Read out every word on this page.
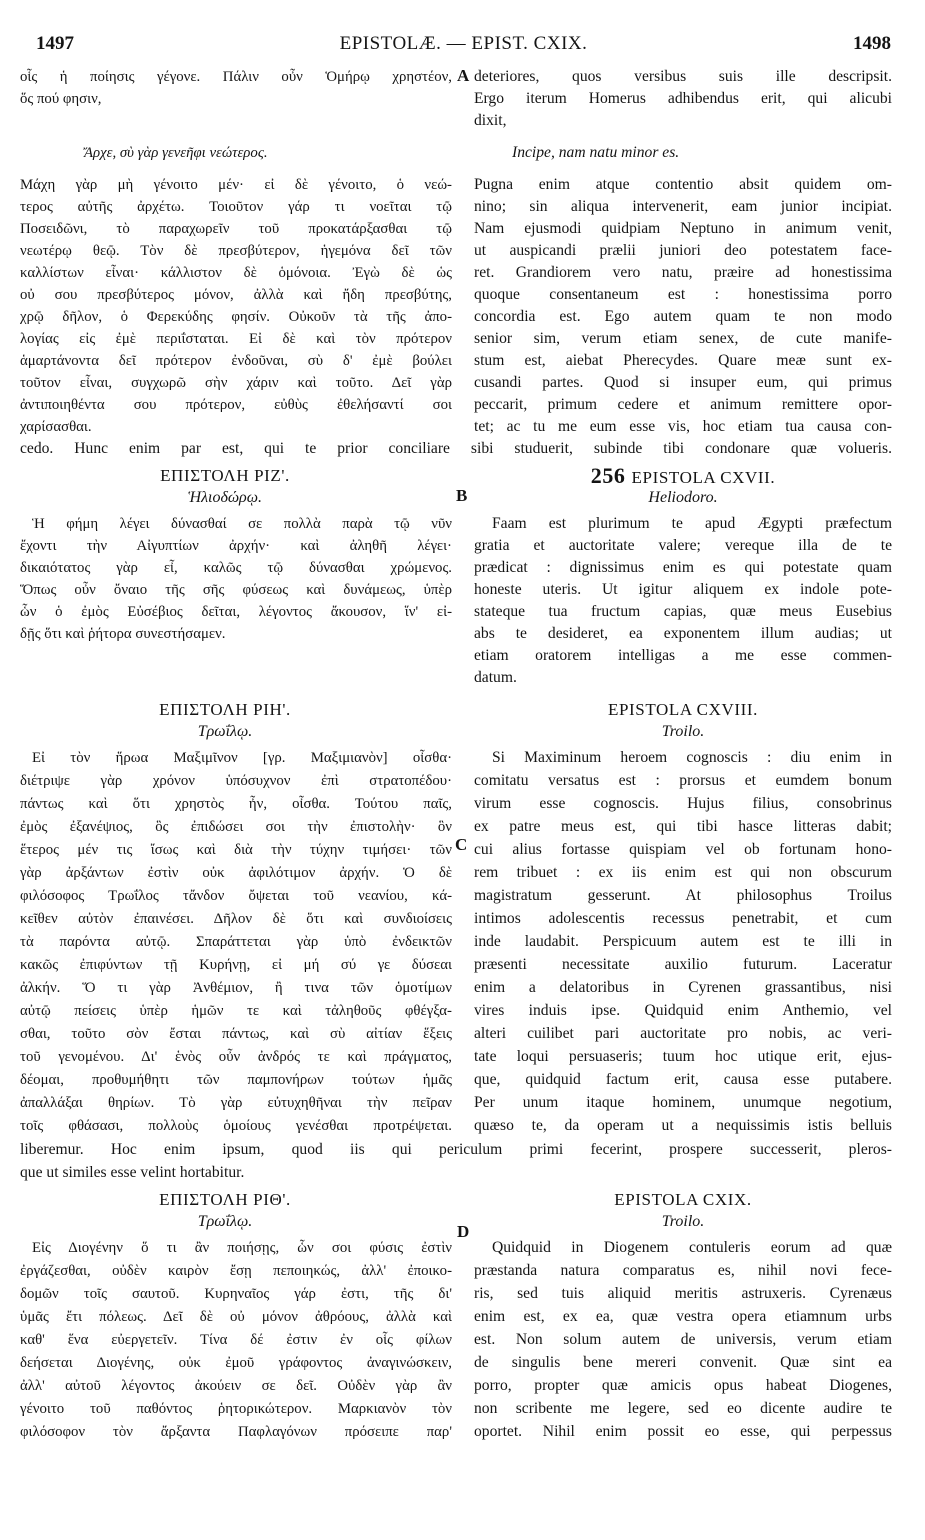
1497	EPISTOLÆ. — EPIST. CXIX.	1498
A
B
C
D
οἷς ἡ ποίησις γέγονε. Πάλιν οὖν Ὁμήρῳ χρηστέον,
ὅς πού φησιν,
Ἄρχε, σὺ γὰρ γενεῆφι νεώτερος.
Μάχη γὰρ μὴ γένοιτο μέν· εἰ δὲ γένοιτο, ὁ νεώ-
τερος αὐτῆς ἀρχέτω. Τοιοῦτον γάρ τι νοεῖται τῷ
Ποσειδῶνι, τὸ παραχωρεῖν τοῦ προκατάρξασθαι τῷ
νεωτέρῳ θεῷ. Τὸν δὲ πρεσβύτερον, ἡγεμόνα δεῖ τῶν
καλλίστων εἶναι· κάλλιστον δὲ ὁμόνοια. Ἐγὼ δὲ ὡς
οὐ σου πρεσβύτερος μόνον, ἀλλὰ καὶ ἤδη πρεσβύτης,
χρῷ δῆλον, ὁ Φερεκύδης φησίν. Οὐκοῦν τὰ τῆς ἀπο-
λογίας εἰς ἐμὲ περιΐσταται. Εἰ δὲ καὶ τὸν πρότερον
ἁμαρτάνοντα δεῖ πρότερον ἐνδοῦναι, σὺ δ' ἐμὲ βούλει
τοῦτον εἶναι, συγχωρῶ σὴν χάριν καὶ τοῦτο. Δεῖ γὰρ
ἀντιποιηθέντα σου πρότερον, εὐθὺς ἐθελήσαντί σοι
χαρίσασθαι.
deteriores, quos versibus suis ille descripsit.
Ergo iterum Homerus adhibendus erit, qui alicubi
dixit,
Incipe, nam natu minor es.
Pugna enim atque contentio absit quidem om-
nino; sin aliqua intervenerit, eam junior incipiat.
Nam ejusmodi quidpiam Neptuno in animum venit,
ut auspicandi prælii juniori deo potestatem face-
ret. Grandiorem vero natu, præire ad honestissima
quoque consentaneum est : honestissima porro
concordia est. Ego autem quam te non modo
senior sim, verum etiam senex, de cute manife-
stum est, aiebat Pherecydes. Quare meæ sunt ex-
cusandi partes. Quod si insuper eum, qui primus
peccarit, primum cedere et animum remittere opor-
tet; ac tu me eum esse vis, hoc etiam tua causa con-
cedo. Hunc enim par est, qui te prior conciliare sibi studuerit, subinde tibi condonare quæ volueris.
ΕΠΙΣΤΟΛΗ ΡΙΖ'.
Ἡλιοδώρῳ.
256 EPISTOLA CXVII.
Heliodoro.
Ἡ φήμη λέγει δύνασθαί σε πολλὰ παρὰ τῷ νῦν
ἔχοντι τὴν Αἰγυπτίων ἀρχήν· καὶ ἀληθῆ λέγει·
δικαιότατος γὰρ εἶ, καλῶς τῷ δύνασθαι χρώμενος.
Ὅπως οὖν ὄναιο τῆς σῆς φύσεως καὶ δυνάμεως, ὑπὲρ
ὧν ὁ ἐμὸς Εὐσέβιος δεῖται, λέγοντος ἄκουσον, ἵν' εἰ-
δῇς ὅτι καὶ ῥήτορα συνεστήσαμεν.
Faam est plurimum te apud Ægypti præfectum
gratia et auctoritate valere; vereque illa de te
prædicat : dignissimus enim es qui potestate quam
honeste uteris. Ut igitur aliquem ex indole pote-
stateque tua fructum capias, quæ meus Eusebius
abs te desideret, ea exponentem illum audias; ut
etiam oratorem intelligas a me esse commen-
datum.
ΕΠΙΣΤΟΛΗ ΡΙΗ'.
Τρωΐλῳ.
EPISTOLA CXVIII.
Troilo.
Εἰ τὸν ἥρωα Μαξιμῖνον [γρ. Μαξιμιανὸν] οἶσθα·
διέτριψε γὰρ χρόνον ὑπόσυχνον ἐπὶ στρατοπέδου·
πάντως καὶ ὅτι χρηστὸς ἦν, οἶσθα. Τούτου παῖς,
ἐμὸς ἐξανέψιος, ὃς ἐπιδώσει σοι τὴν ἐπιστολὴν· ὃν
ἕτερος μέν τις ἴσως καὶ διὰ τὴν τύχην τιμήσει· τῶν
γὰρ ἀρξάντων ἐστὶν οὐκ ἀφιλότιμον ἀρχήν. Ὁ δὲ
φιλόσοφος Τρωΐλος τἄνδον ὄψεται τοῦ νεανίου, κά-
κεῖθεν αὐτὸν ἐπαινέσει. Δῆλον δὲ ὅτι καὶ συνδιοίσεις
τὰ παρόντα αὐτῷ. Σπαράττεται γὰρ ὑπὸ ἐνδεικτῶν
κακῶς ἐπιφύντων τῇ Κυρήνῃ, εἰ μή σύ γε δύσεαι
ἀλκήν. Ὅ τι γὰρ Ἀνθέμιον, ἢ τινα τῶν ὁμοτίμων
αὐτῷ πείσεις ὑπὲρ ἡμῶν τε καὶ τἀληθοῦς φθέγξα-
σθαι, τοῦτο σὸν ἔσται πάντως, καὶ σὺ αἰτίαν ἕξεις
τοῦ γενομένου. Δι' ἑνὸς οὖν ἀνδρός τε καὶ πράγματος,
δέομαι, προθυμήθητι τῶν παμπονήρων τούτων ἡμᾶς
ἀπαλλάξαι θηρίων. Τὸ γὰρ εὐτυχηθῆναι τὴν πεῖραν
τοῖς φθάσασι, πολλοὺς ὁμοίους γενέσθαι προτρέψεται.
Si Maximinum heroem cognoscis : diu enim in
comitatu versatus est : prorsus et eumdem bonum
virum esse cognoscis. Hujus filius, consobrinus
ex patre meus est, qui tibi hasce litteras dabit;
cui alius fortasse quispiam vel ob fortunam hono-
rem tribuet : ex iis enim est qui non obscurum
magistratum gesserunt. At philosophus Troilus
intimos adolescentis recessus penetrabit, et cum
inde laudabit. Perspicuum autem est te illi in
præsenti necessitate auxilio futurum. Laceratur
enim a delatoribus in Cyrenen grassantibus, nisi
vires induis ipse. Quidquid enim Anthemio, vel
alteri cuilibet pari auctoritate pro nobis, ac veri-
tate loqui persuaseris; tuum hoc utique erit, ejus-
que, quidquid factum erit, causa esse putabere.
Per unum itaque hominem, unumque negotium,
quæso te, da operam ut a nequissimis istis belluis
liberemur. Hoc enim ipsum, quod iis qui periculum primi fecerint, prospere successerit, pleros-
que ut similes esse velint hortabitur.
ΕΠΙΣΤΟΛΗ ΡΙΘ'.
Τρωΐλῳ.
EPISTOLA CXIX.
Troilo.
Εἰς Διογένην ὅ τι ἂν ποιήσῃς, ὧν σοι φύσις ἐστὶν
ἐργάζεσθαι, οὐδὲν καιρὸν ἔσῃ πεποιηκώς, ἀλλ' ἐποικο-
δομῶν τοῖς σαυτοῦ. Κυρηναῖος γάρ ἐστι, τῆς δι'
ὑμᾶς ἔτι πόλεως. Δεῖ δὲ οὐ μόνον ἀθρόους, ἀλλὰ καὶ
καθ' ἕνα εὐεργετεῖν. Τίνα δέ ἐστιν ἐν οἷς φίλων
δεήσεται Διογένης, οὐκ ἐμοῦ γράφοντος ἀναγινώσκειν,
ἀλλ' αὐτοῦ λέγοντος ἀκούειν σε δεῖ. Οὐδὲν γὰρ ἂν
γένοιτο τοῦ παθόντος ῥητορικώτερον. Μαρκιανὸν τὸν
φιλόσοφον τὸν ἄρξαντα Παφλαγόνων πρόσειπε παρ'
Quidquid in Diogenem contuleris eorum ad quæ
præstanda natura comparatus es, nihil novi fece-
ris, sed tuis aliquid meritis astruxeris. Cyrenæus
enim est, ex ea, quæ vestra opera etiamnum urbs
est. Non solum autem de universis, verum etiam
de singulis bene mereri convenit. Quæ sint ea
porro, propter quæ amicis opus habeat Diogenes,
non scribente me legere, sed eo dicente audire te
oportet. Nihil enim possit eo esse, qui perpessus
